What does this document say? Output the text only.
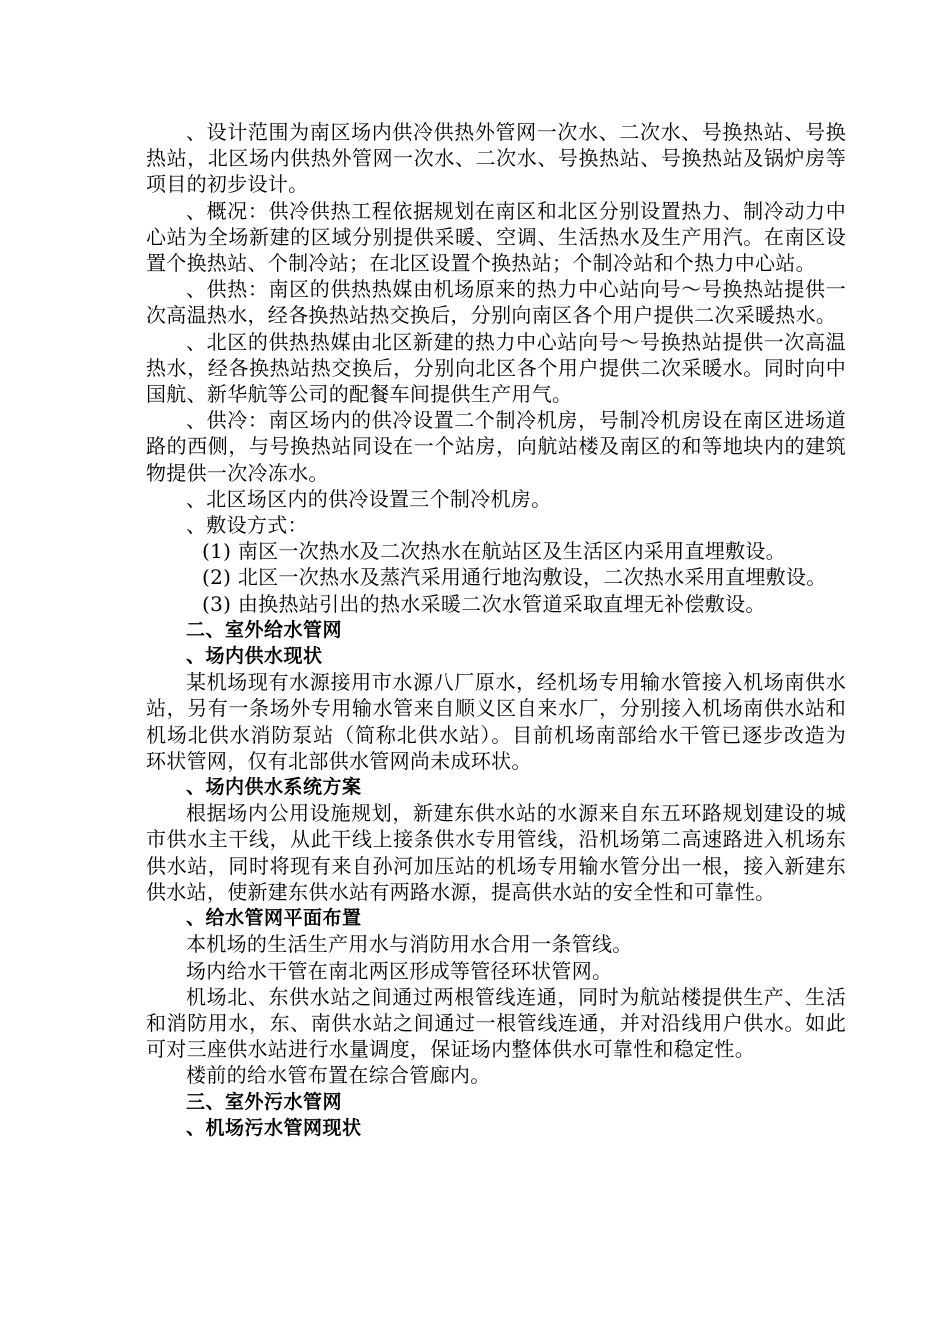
、设计范围为南区场内供冷供热外管网一次水、二次水、号换热站、号换热站，北区场内供热外管网一次水、二次水、号换热站、号换热站及锅炉房等项目的初步设计。

、概况：供冷供热工程依据规划在南区和北区分别设置热力、制冷动力中心站为全场新建的区域分别提供采暖、空调、生活热水及生产用汽。在南区设置个换热站、个制冷站；在北区设置个换热站；个制冷站和个热力中心站。

、供热：南区的供热热媒由机场原来的热力中心站向号～号换热站提供一次高温热水，经各换热站热交换后，分别向南区各个用户提供二次采暖热水。

、北区的供热热媒由北区新建的热力中心站向号～号换热站提供一次高温热水，经各换热站热交换后，分别向北区各个用户提供二次采暖水。同时向中国航、新华航等公司的配餐车间提供生产用气。

、供冷：南区场内的供冷设置二个制冷机房，号制冷机房设在南区进场道路的西侧，与号换热站同设在一个站房，向航站楼及南区的和等地块内的建筑物提供一次冷冻水。

、北区场区内的供冷设置三个制冷机房。

、敷设方式：

(1) 南区一次热水及二次热水在航站区及生活区内采用直埋敷设。

(2) 北区一次热水及蒸汽采用通行地沟敷设，二次热水采用直埋敷设。

(3) 由换热站引出的热水采暖二次水管道采取直埋无补偿敷设。

二、室外给水管网

、场内供水现状

某机场现有水源接用市水源八厂原水，经机场专用输水管接入机场南供水站，另有一条场外专用输水管来自顺义区自来水厂，分别接入机场南供水站和机场北供水消防泵站（简称北供水站）。目前机场南部给水干管已逐步改造为环状管网，仅有北部供水管网尚未成环状。

、场内供水系统方案

根据场内公用设施规划，新建东供水站的水源来自东五环路规划建设的城市供水主干线，从此干线上接条供水专用管线，沿机场第二高速路进入机场东供水站，同时将现有来自孙河加压站的机场专用输水管分出一根，接入新建东供水站，使新建东供水站有两路水源，提高供水站的安全性和可靠性。

、给水管网平面布置

本机场的生活生产用水与消防用水合用一条管线。

场内给水干管在南北两区形成等管径环状管网。

机场北、东供水站之间通过两根管线连通，同时为航站楼提供生产、生活和消防用水，东、南供水站之间通过一根管线连通，并对沿线用户供水。如此可对三座供水站进行水量调度，保证场内整体供水可靠性和稳定性。

楼前的给水管布置在综合管廊内。

三、室外污水管网

、机场污水管网现状
